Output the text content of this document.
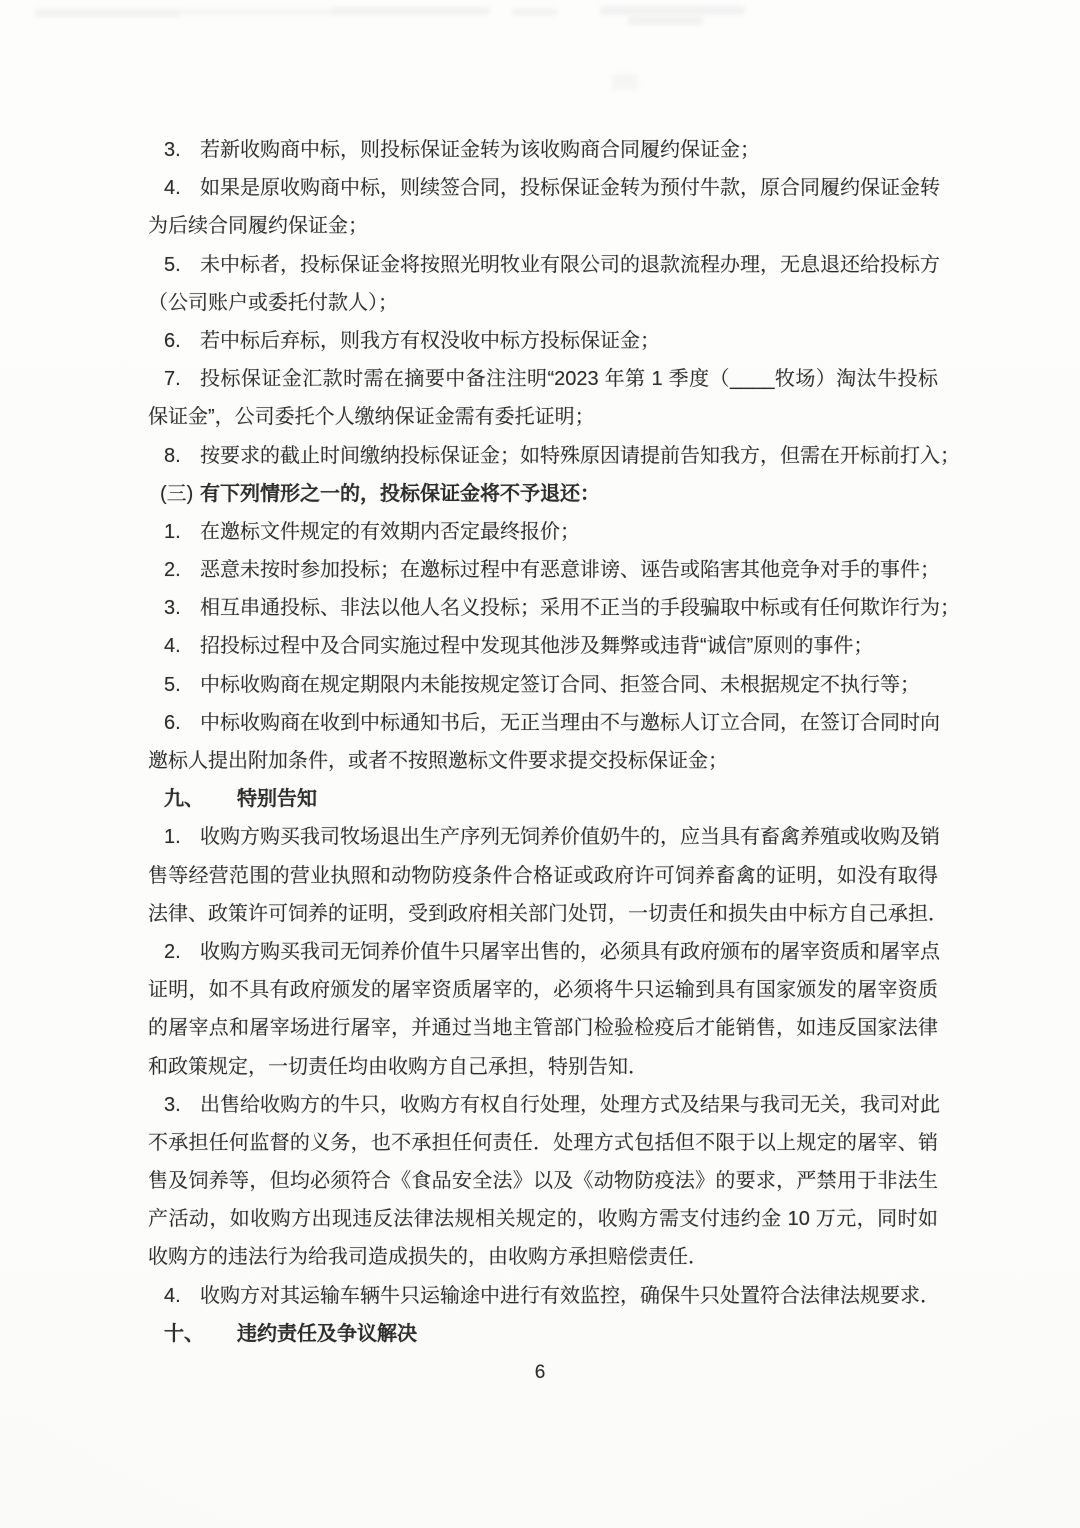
3. 若新收购商中标，则投标保证金转为该收购商合同履约保证金；
4. 如果是原收购商中标，则续签合同，投标保证金转为预付牛款，原合同履约保证金转
为后续合同履约保证金；
5. 未中标者，投标保证金将按照光明牧业有限公司的退款流程办理，无息退还给投标方
（公司账户或委托付款人）；
6. 若中标后弃标，则我方有权没收中标方投标保证金；
7. 投标保证金汇款时需在摘要中备注注明“2023 年第 1 季度（____牧场）淘汰牛投标
保证金”，公司委托个人缴纳保证金需有委托证明；
8. 按要求的截止时间缴纳投标保证金；如特殊原因请提前告知我方，但需在开标前打入；
(三) 有下列情形之一的，投标保证金将不予退还：
1. 在邀标文件规定的有效期内否定最终报价；
2. 恶意未按时参加投标；在邀标过程中有恶意诽谤、诬告或陷害其他竞争对手的事件；
3. 相互串通投标、非法以他人名义投标；采用不正当的手段骗取中标或有任何欺诈行为；
4. 招投标过程中及合同实施过程中发现其他涉及舞弊或违背“诚信”原则的事件；
5. 中标收购商在规定期限内未能按规定签订合同、拒签合同、未根据规定不执行等；
6. 中标收购商在收到中标通知书后，无正当理由不与邀标人订立合同，在签订合同时向
邀标人提出附加条件，或者不按照邀标文件要求提交投标保证金；
九、 特别告知
1. 收购方购买我司牧场退出生产序列无饲养价值奶牛的，应当具有畜禽养殖或收购及销
售等经营范围的营业执照和动物防疫条件合格证或政府许可饲养畜禽的证明，如没有取得
法律、政策许可饲养的证明，受到政府相关部门处罚，一切责任和损失由中标方自己承担．
2. 收购方购买我司无饲养价值牛只屠宰出售的，必须具有政府颁布的屠宰资质和屠宰点
证明，如不具有政府颁发的屠宰资质屠宰的，必须将牛只运输到具有国家颁发的屠宰资质
的屠宰点和屠宰场进行屠宰，并通过当地主管部门检验检疫后才能销售，如违反国家法律
和政策规定，一切责任均由收购方自己承担，特别告知．
3. 出售给收购方的牛只，收购方有权自行处理，处理方式及结果与我司无关，我司对此
不承担任何监督的义务，也不承担任何责任．处理方式包括但不限于以上规定的屠宰、销
售及饲养等，但均必须符合《食品安全法》以及《动物防疫法》的要求，严禁用于非法生
产活动，如收购方出现违反法律法规相关规定的，收购方需支付违约金 10 万元，同时如
收购方的违法行为给我司造成损失的，由收购方承担赔偿责任．
4. 收购方对其运输车辆牛只运输途中进行有效监控，确保牛只处置符合法律法规要求．
十、 违约责任及争议解决
6
